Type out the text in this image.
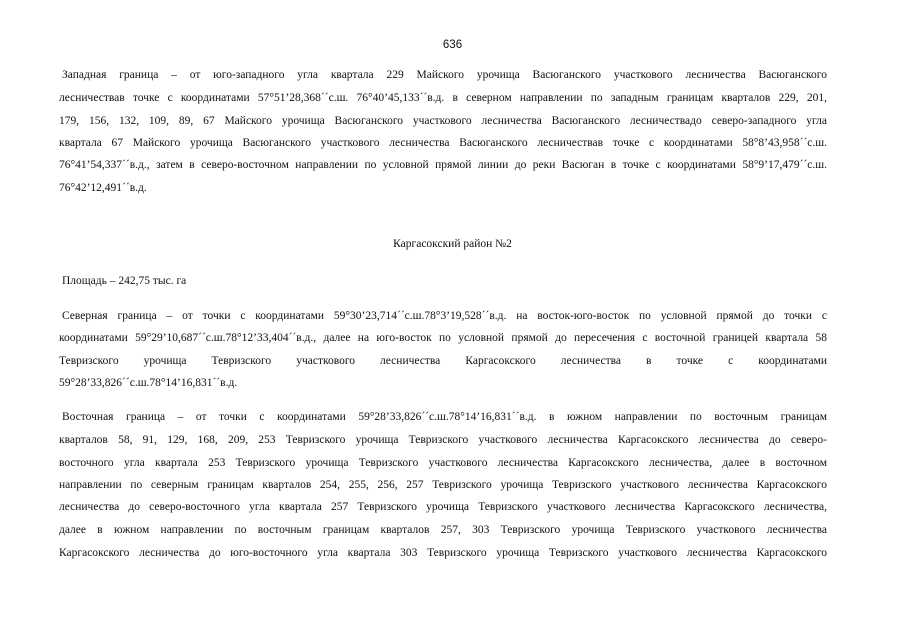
636
Западная граница – от юго-западного угла квартала 229 Майского урочища Васюганского участкового лесничества Васюганского
лесничествав точке с координатами 57°51’28,368´´с.ш. 76°40’45,133´´в.д. в северном направлении по западным границам кварталов 229, 201,
179, 156, 132, 109, 89, 67 Майского урочища Васюганского участкового лесничества Васюганского лесничествадо северо-западного угла
квартала 67 Майского урочища Васюганского участкового лесничества Васюганского лесничествав точке с координатами 58°8’43,958´´с.ш.
76°41’54,337´´в.д., затем в северо-восточном направлении по условной прямой линии до реки Васюган в точке с координатами 58°9’17,479´´с.ш.
76°42’12,491´´в.д.
Каргасокский район №2
Площадь – 242,75 тыс. га
Северная граница – от точки с координатами 59°30’23,714´´с.ш.78°3’19,528´´в.д. на восток-юго-восток по условной прямой до точки с
координатами 59°29’10,687´´с.ш.78°12’33,404´´в.д., далее на юго-восток по условной прямой до пересечения с восточной границей квартала 58
Тевризского урочища Тевризского участкового лесничества Каргасокского лесничества в точке с координатами
59°28’33,826´´с.ш.78°14’16,831´´в.д.
Восточная граница – от точки с координатами 59°28’33,826´´с.ш.78°14’16,831´´в.д. в южном направлении по восточным границам
кварталов 58, 91, 129, 168, 209, 253 Тевризского урочища Тевризского участкового лесничества Каргасокского лесничества до северо-
восточного угла квартала 253 Тевризского урочища Тевризского участкового лесничества Каргасокского лесничества, далее в восточном
направлении по северным границам кварталов 254, 255, 256, 257 Тевризского урочища Тевризского участкового лесничества Каргасокского
лесничества до северо-восточного угла квартала 257 Тевризского урочища Тевризского участкового лесничества Каргасокского лесничества,
далее в южном направлении по восточным границам кварталов 257, 303 Тевризского урочища Тевризского участкового лесничества
Каргасокского лесничества до юго-восточного угла квартала 303 Тевризского урочища Тевризского участкового лесничества Каргасокского
